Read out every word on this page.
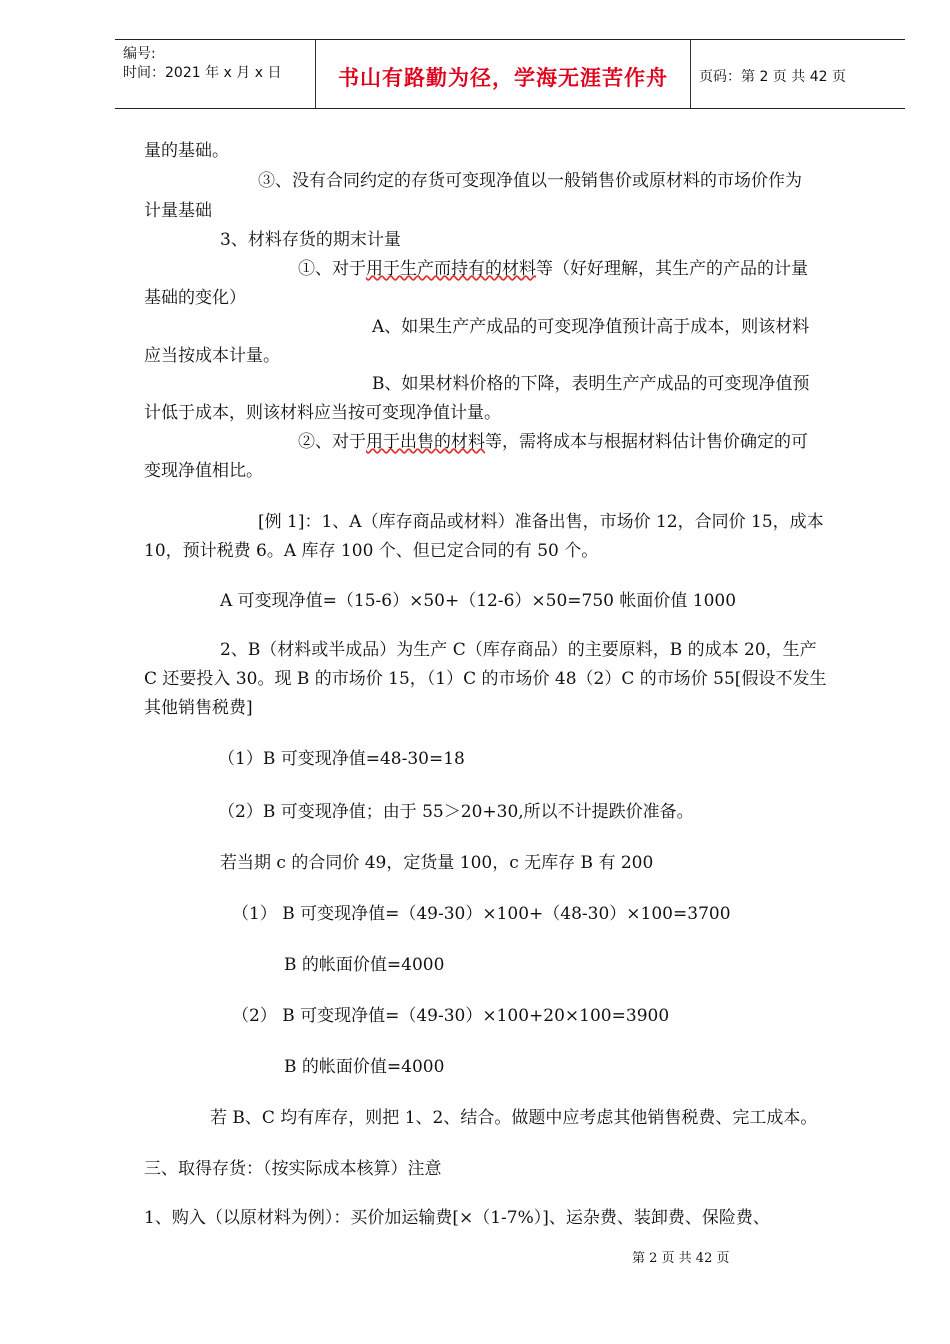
编号:
时间：2021 年 x 月 x 日	书山有路勤为径，学海无涯苦作舟	页码：第 2 页 共 42 页
量的基础。
③、没有合同约定的存货可变现净值以一般销售价或原材料的市场价作为
计量基础
3、材料存货的期末计量
①、对于用于生产而持有的材料等（好好理解，其生产的产品的计量
基础的变化）
A、如果生产产成品的可变现净值预计高于成本，则该材料
应当按成本计量。
B、如果材料价格的下降，表明生产产成品的可变现净值预
计低于成本，则该材料应当按可变现净值计量。
②、对于用于出售的材料等，需将成本与根据材料估计售价确定的可
变现净值相比。
[例 1]：1、A（库存商品或材料）准备出售，市场价 12，合同价 15，成本
10，预计税费 6。A 库存 100 个、但已定合同的有 50 个。
A 可变现净值=（15-6）×50+（12-6）×50=750 帐面价值 1000
2、B（材料或半成品）为生产 C（库存商品）的主要原料，B 的成本 20，生产
C 还要投入 30。现 B 的市场价 15，（1）C 的市场价 48（2）C 的市场价 55[假设不发生
其他销售税费]
（1）B 可变现净值=48-30=18
（2）B 可变现净值；由于 55＞20+30,所以不计提跌价准备。
若当期 c 的合同价 49，定货量 100，c 无库存 B 有 200
（1） B 可变现净值=（49-30）×100+（48-30）×100=3700
B 的帐面价值=4000
（2） B 可变现净值=（49-30）×100+20×100=3900
B 的帐面价值=4000
若 B、C 均有库存，则把 1、2、结合。做题中应考虑其他销售税费、完工成本。
三、取得存货：（按实际成本核算）注意
1、购入（以原材料为例）：买价加运输费[×（1-7%）]、运杂费、装卸费、保险费、
第 2 页 共 42 页
